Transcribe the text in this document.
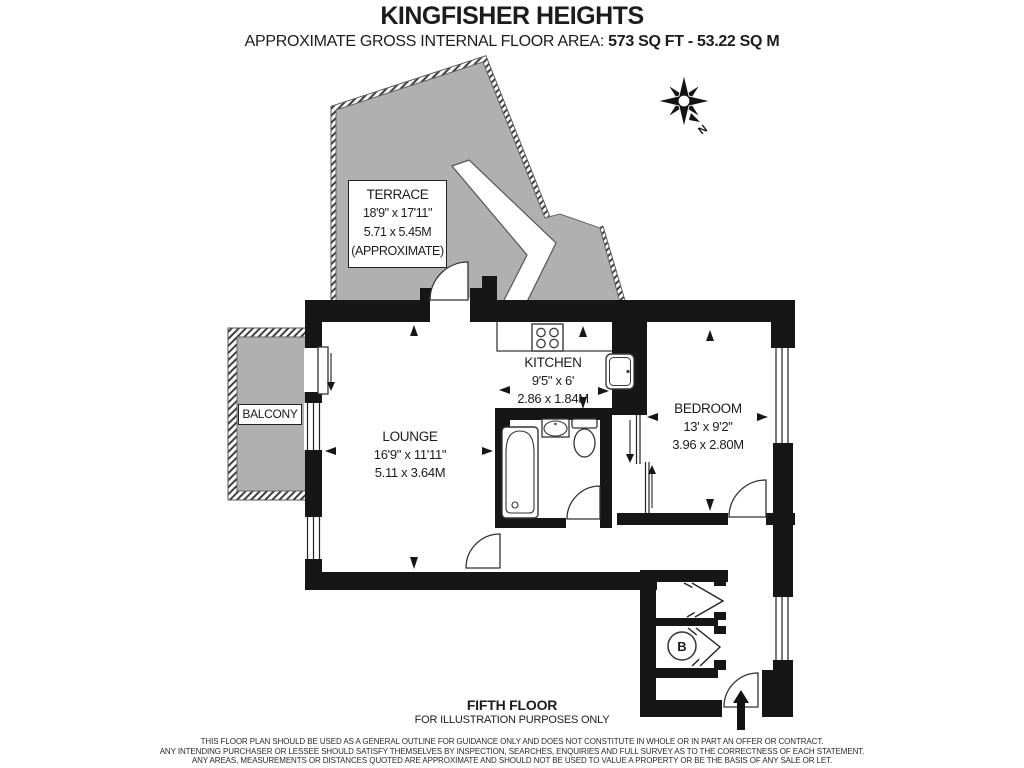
B
N
KINGFISHER HEIGHTS
APPROXIMATE GROSS INTERNAL FLOOR AREA: 573 SQ FT - 53.22 SQ M
TERRACE
18'9" x 17'11"
5.71 x 5.45M
(APPROXIMATE)
BALCONY
LOUNGE
16'9" x 11'11"
5.11 x 3.64M
KITCHEN
9'5" x 6'
2.86 x 1.84M
BEDROOM
13' x 9'2"
3.96 x 2.80M
FIFTH FLOOR
FOR ILLUSTRATION PURPOSES ONLY
THIS FLOOR PLAN SHOULD BE USED AS A GENERAL OUTLINE FOR GUIDANCE ONLY AND DOES NOT CONSTITUTE IN WHOLE OR IN PART AN OFFER OR CONTRACT.
ANY INTENDING PURCHASER OR LESSEE SHOULD SATISFY THEMSELVES BY INSPECTION, SEARCHES, ENQUIRIES AND FULL SURVEY AS TO THE CORRECTNESS OF EACH STATEMENT.
ANY AREAS, MEASUREMENTS OR DISTANCES QUOTED ARE APPROXIMATE AND SHOULD NOT BE USED TO VALUE A PROPERTY OR BE THE BASIS OF ANY SALE OR LET.
